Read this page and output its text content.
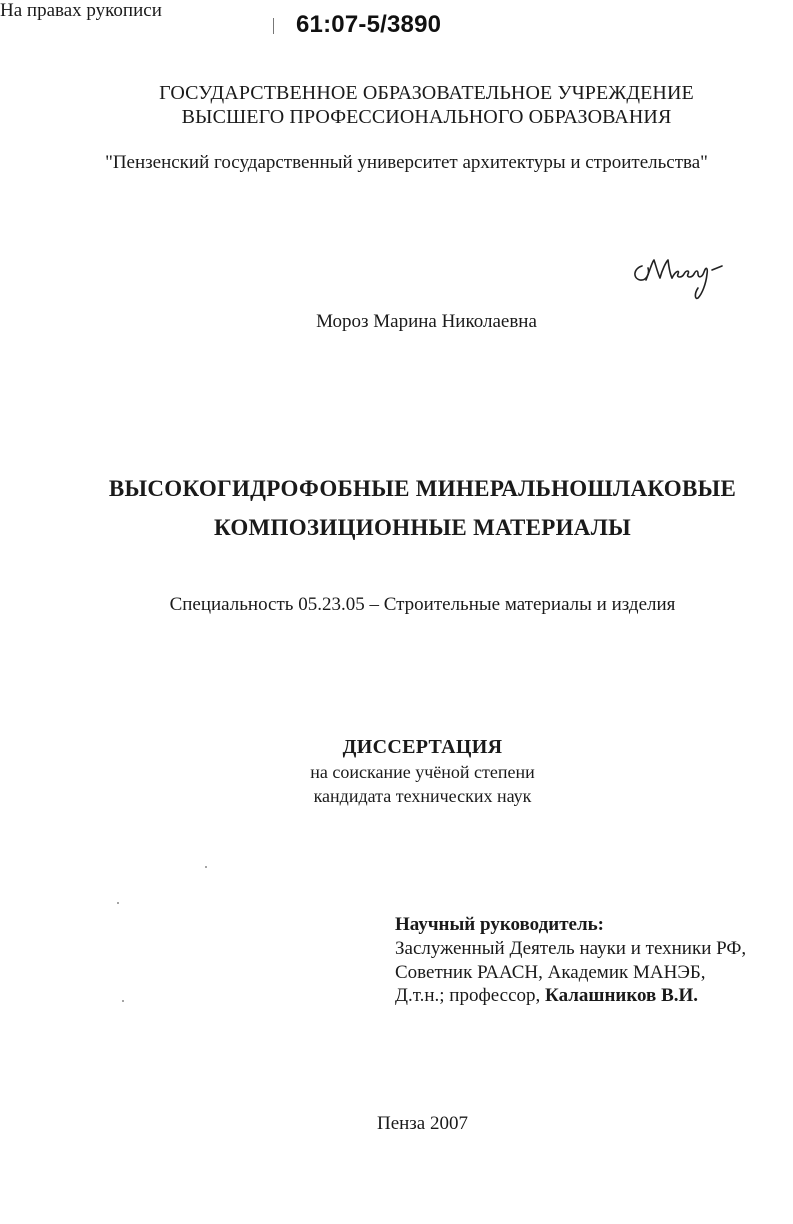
61:07-5/3890
ГОСУДАРСТВЕННОЕ ОБРАЗОВАТЕЛЬНОЕ УЧРЕЖДЕНИЕ
ВЫСШЕГО ПРОФЕССИОНАЛЬНОГО ОБРАЗОВАНИЯ
"Пензенский государственный университет архитектуры и строительства"
На правах рукописи
Мороз Марина Николаевна
ВЫСОКОГИДРОФОБНЫЕ МИНЕРАЛЬНОШЛАКОВЫЕ
КОМПОЗИЦИОННЫЕ МАТЕРИАЛЫ
Специальность 05.23.05 – Строительные материалы и изделия
ДИССЕРТАЦИЯ
на соискание учёной степени
кандидата технических наук
Научный руководитель:
Заслуженный Деятель науки и техники РФ,
Советник РААСН, Академик МАНЭБ,
Д.т.н.; профессор, Калашников В.И.
Пенза 2007
